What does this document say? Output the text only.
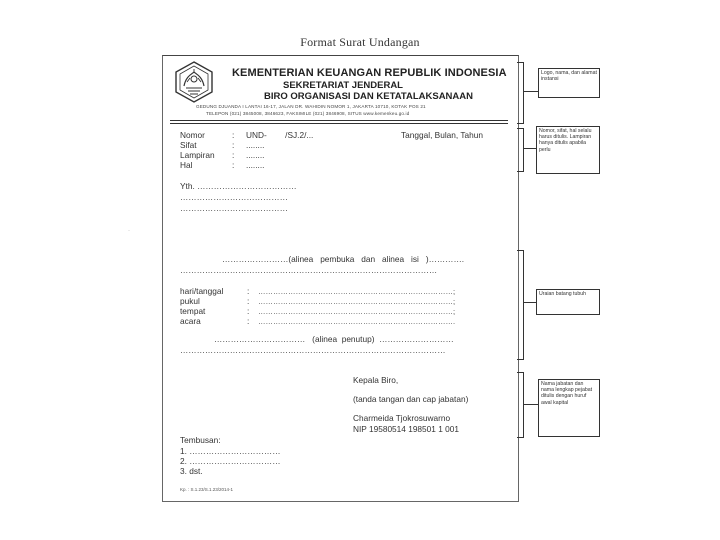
Format Surat Undangan
KEMENTERIAN KEUANGAN REPUBLIK INDONESIA
SEKRETARIAT JENDERAL
BIRO ORGANISASI DAN KETATALAKSANAAN
GEDUNG DJUANDA I LANTAI 16-17, JALAN DR. WAHIDIN NOMOR 1, JAKARTA 10710, KOTAK POS 21
TELEPON (021) 3845008, 3846623, FAKSIMILE (021) 3846908, SITUS www.kemenkeu.go.id
Nomor	: UND-        /SJ.2/...	Tanggal, Bulan, Tahun
Sifat	: ........
Lampiran : ........
Hal	: ........
Yth. ………………………………
…………………………………
…………………………………
·
……………………(alinea   pembuka   dan   alinea   isi   )………….
…………………………………………………………………………………
hari/tanggal	: ……………………………………………………………………;
pukul	: ……………………………………………………………………;
tempat	: ……………………………………………………………………;
acara	: …………………………………………………………………….
……………………………   (alinea  penutup)  ………………………
……………………………………………………………………………………
Kepala Biro,
(tanda tangan dan cap jabatan)
Charmeida Tjokrosuwarno
NIP 19580514 198501 1 001
Tembusan:
1. ……………………………
2. ……………………………
3. dst.
Kp. : S.1.23/S.1.23/2014-1
Logo, nama, dan alamat instansi
Nomor, sifat, hal selalu harus ditulis. Lampiran hanya ditulis apabila perlu
Uraian batang tubuh
Nama jabatan dan nama lengkap pejabat ditulis dengan huruf awal kapital
